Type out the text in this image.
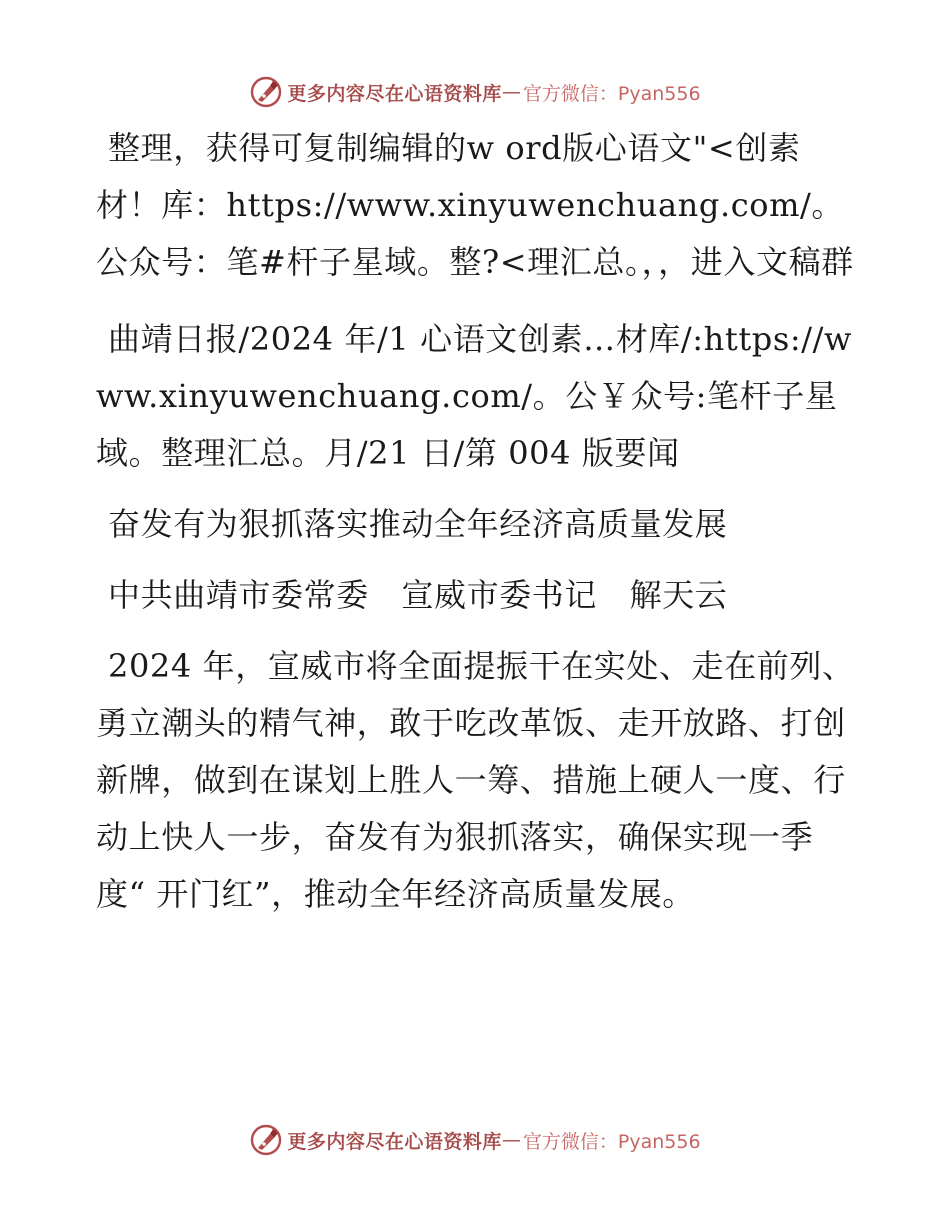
更多内容尽在心语资料库 — 官方微信：Pyan556

整理，获得可复制编辑的w ord版心语文"<创素材！库：https://www.xinyuwenchuang.com/。公众号：笔#杆子星域。整?<理汇总。，，进入文稿群

曲靖日报/2024 年/1 心语文创素…材库/:https://www.xinyuwenchuang.com/。公￥众号:笔杆子星域。整理汇总。月/21 日/第 004 版要闻

奋发有为狠抓落实推动全年经济高质量发展

中共曲靖市委常委　宣威市委书记　解天云

2024 年，宣威市将全面提振干在实处、走在前列、勇立潮头的精气神，敢于吃改革饭、走开放路、打创新牌，做到在谋划上胜人一筹、措施上硬人一度、行动上快人一步，奋发有为狠抓落实，确保实现一季度“ 开门红”，推动全年经济高质量发展。

更多内容尽在心语资料库 — 官方微信：Pyan556
